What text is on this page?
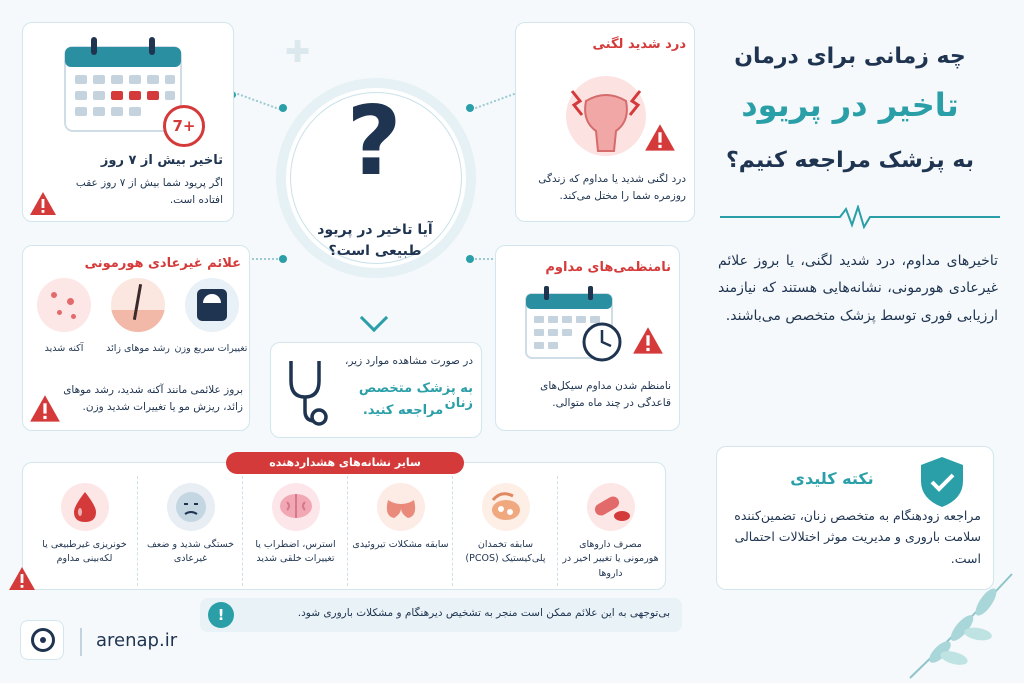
✚
?
آیا تاخیر در پریود طبیعی است؟
7+
تاخیر بیش از ۷ روز
اگر پریود شما بیش از ۷ روز عقب افتاده است.
درد شدید لگنی
درد لگنی شدید یا مداوم که زندگی روزمره شما را مختل می‌کند.
علائم غیرعادی هورمونی
تغییرات سریع وزن
رشد موهای زائد
آکنه شدید
بروز علائمی مانند آکنه شدید، رشد موهای زائد، ریزش مو یا تغییرات شدید وزن.
نامنظمی‌های مداوم
نامنظم شدن مداوم سیکل‌های قاعدگی در چند ماه متوالی.
در صورت مشاهده موارد زیر،
به پزشک متخصص زنان
مراجعه کنید.
سایر نشانه‌های هشداردهنده
مصرف داروهای هورمونی یا تغییر اخیر در داروها
سابقه تخمدان پلی‌کیستیک (PCOS)
سابقه مشکلات تیروئیدی
استرس، اضطراب یا تغییرات خلقی شدید
خستگی شدید و ضعف غیرعادی
خونریزی غیرطبیعی یا لکه‌بینی مداوم
!	بی‌توجهی به این علائم ممکن است منجر به تشخیص دیرهنگام و مشکلات باروری شود.
arenap.ir
چه زمانی برای درمان
تاخیر در پریود
به پزشک مراجعه کنیم؟
تاخیرهای مداوم، درد شدید لگنی، یا بروز علائم غیرعادی هورمونی، نشانه‌هایی هستند که نیازمند ارزیابی فوری توسط پزشک متخصص می‌باشند.
نکته کلیدی
مراجعه زودهنگام به متخصص زنان، تضمین‌کننده سلامت باروری و مدیریت موثر اختلالات احتمالی است.
